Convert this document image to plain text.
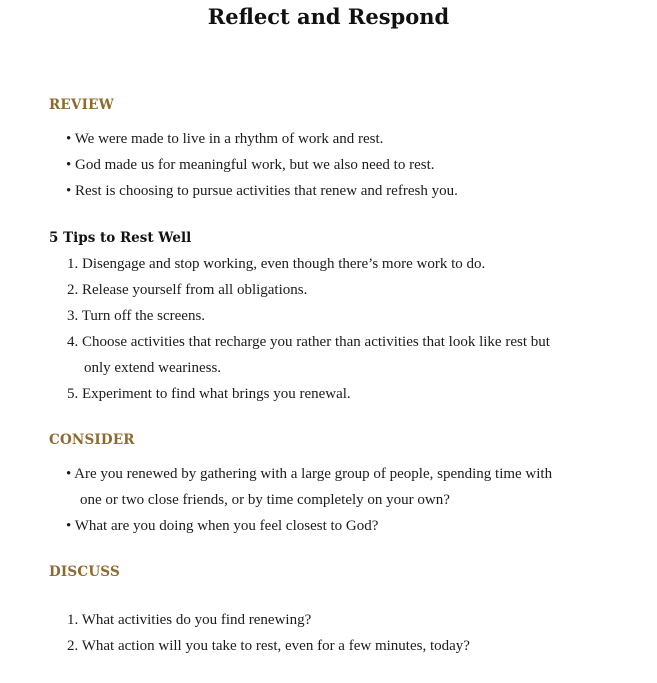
Reflect and Respond
REVIEW
• We were made to live in a rhythm of work and rest.
• God made us for meaningful work, but we also need to rest.
• Rest is choosing to pursue activities that renew and refresh you.
5 Tips to Rest Well
1. Disengage and stop working, even though there’s more work to do.
2. Release yourself from all obligations.
3. Turn off the screens.
4. Choose activities that recharge you rather than activities that look like rest but
only extend weariness.
5. Experiment to find what brings you renewal.
CONSIDER
• Are you renewed by gathering with a large group of people, spending time with
one or two close friends, or by time completely on your own?
• What are you doing when you feel closest to God?
DISCUSS
1. What activities do you find renewing?
2. What action will you take to rest, even for a few minutes, today?
